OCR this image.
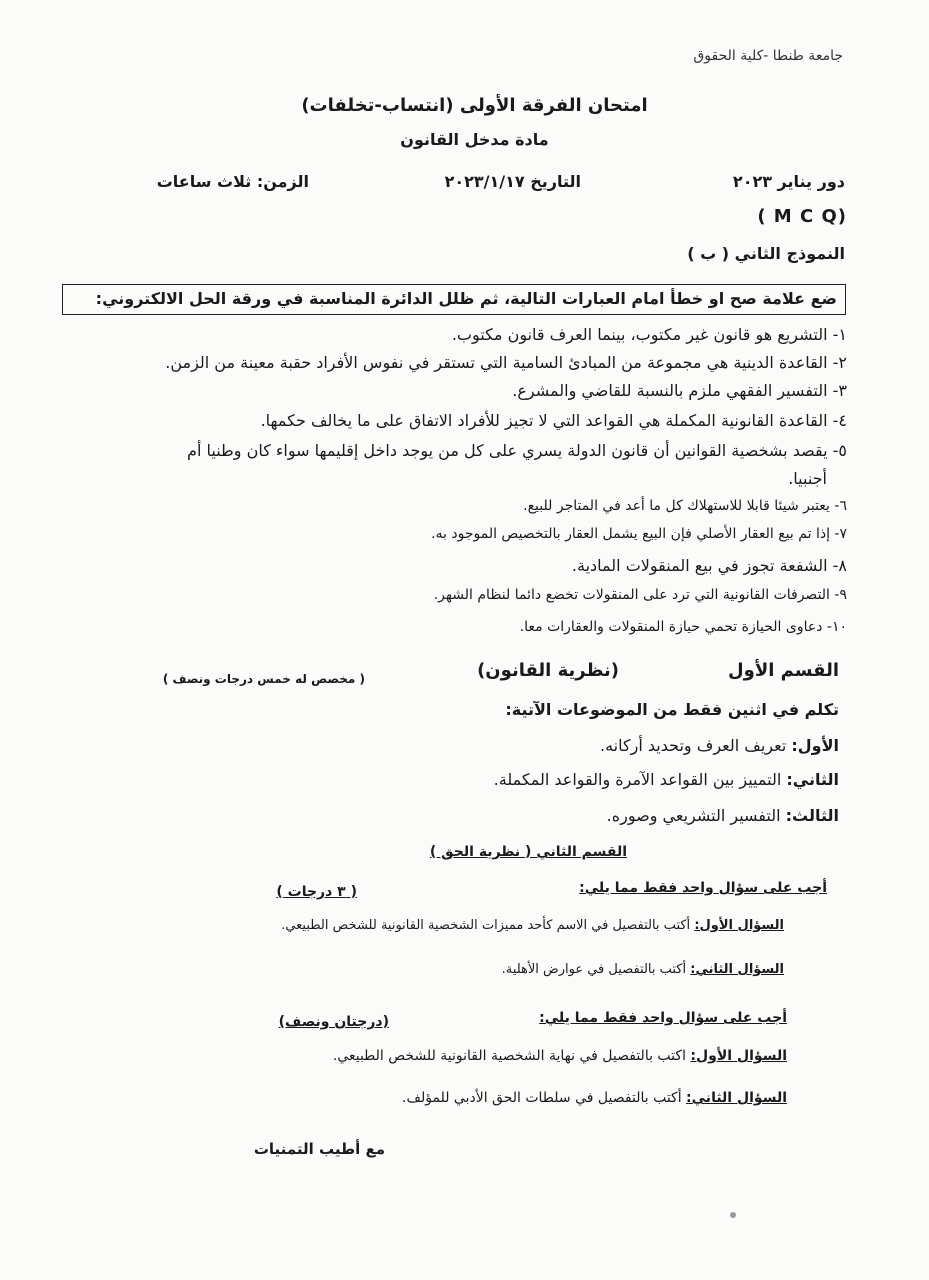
جامعة طنطا -كلية الحقوق
امتحان الفرقة الأولى (انتساب-تخلفات)
مادة مدخل القانون
دور يناير ٢٠٢٣
التاريخ ٢٠٢٣/١/١٧
الزمن: ثلاث ساعات
( M C Q)
النموذج الثاني ( ب )
ضع علامة صح او خطأ امام العبارات التالية، ثم ظلل الدائرة المناسبة في ورقة الحل الالكتروني:
١- التشريع هو قانون غير مكتوب، بينما العرف قانون مكتوب.
٢- القاعدة الدينية هي مجموعة من المبادئ السامية التي تستقر في نفوس الأفراد حقبة معينة من الزمن.
٣- التفسير الفقهي ملزم بالنسبة للقاضي والمشرع.
٤- القاعدة القانونية المكملة هي القواعد التي لا تجيز للأفراد الاتفاق على ما يخالف حكمها.
٥- يقصد بشخصية القوانين أن قانون الدولة يسري على كل من يوجد داخل إقليمها سواء كان وطنيا أم
أجنبيا.
٦- يعتبر شيئا قابلا للاستهلاك كل ما أعد في المتاجر للبيع.
٧- إذا تم بيع العقار الأصلي فإن البيع يشمل العقار بالتخصيص الموجود به.
٨- الشفعة تجوز في بيع المنقولات المادية.
٩- التصرفات القانونية التي ترد على المنقولات تخضع دائما لنظام الشهر.
١٠- دعاوى الحيازة تحمي حيازة المنقولات والعقارات معا.
القسم الأول
(نظرية القانون)
( مخصص له خمس درجات ونصف )
تكلم في اثنين فقط من الموضوعات الآتية:
الأول: تعريف العرف وتحديد أركانه.
الثاني: التمييز بين القواعد الآمرة والقواعد المكملة.
الثالث: التفسير التشريعي وصوره.
القسم الثاني ( نظرية الحق )
أجب على سؤال واحد فقط مما يلي:
( ٣ درجات )
السؤال الأول: أكتب بالتفصيل في الاسم كأحد مميزات الشخصية القانونية للشخص الطبيعي.
السؤال الثاني: أكتب بالتفصيل في عوارض الأهلية.
أجب على سؤال واحد فقط مما يلي:
(درجتان ونصف)
السؤال الأول: اكتب بالتفصيل في نهاية الشخصية القانونية للشخص الطبيعي.
السؤال الثاني: أكتب بالتفصيل في سلطات الحق الأدبي للمؤلف.
مع أطيب التمنيات
